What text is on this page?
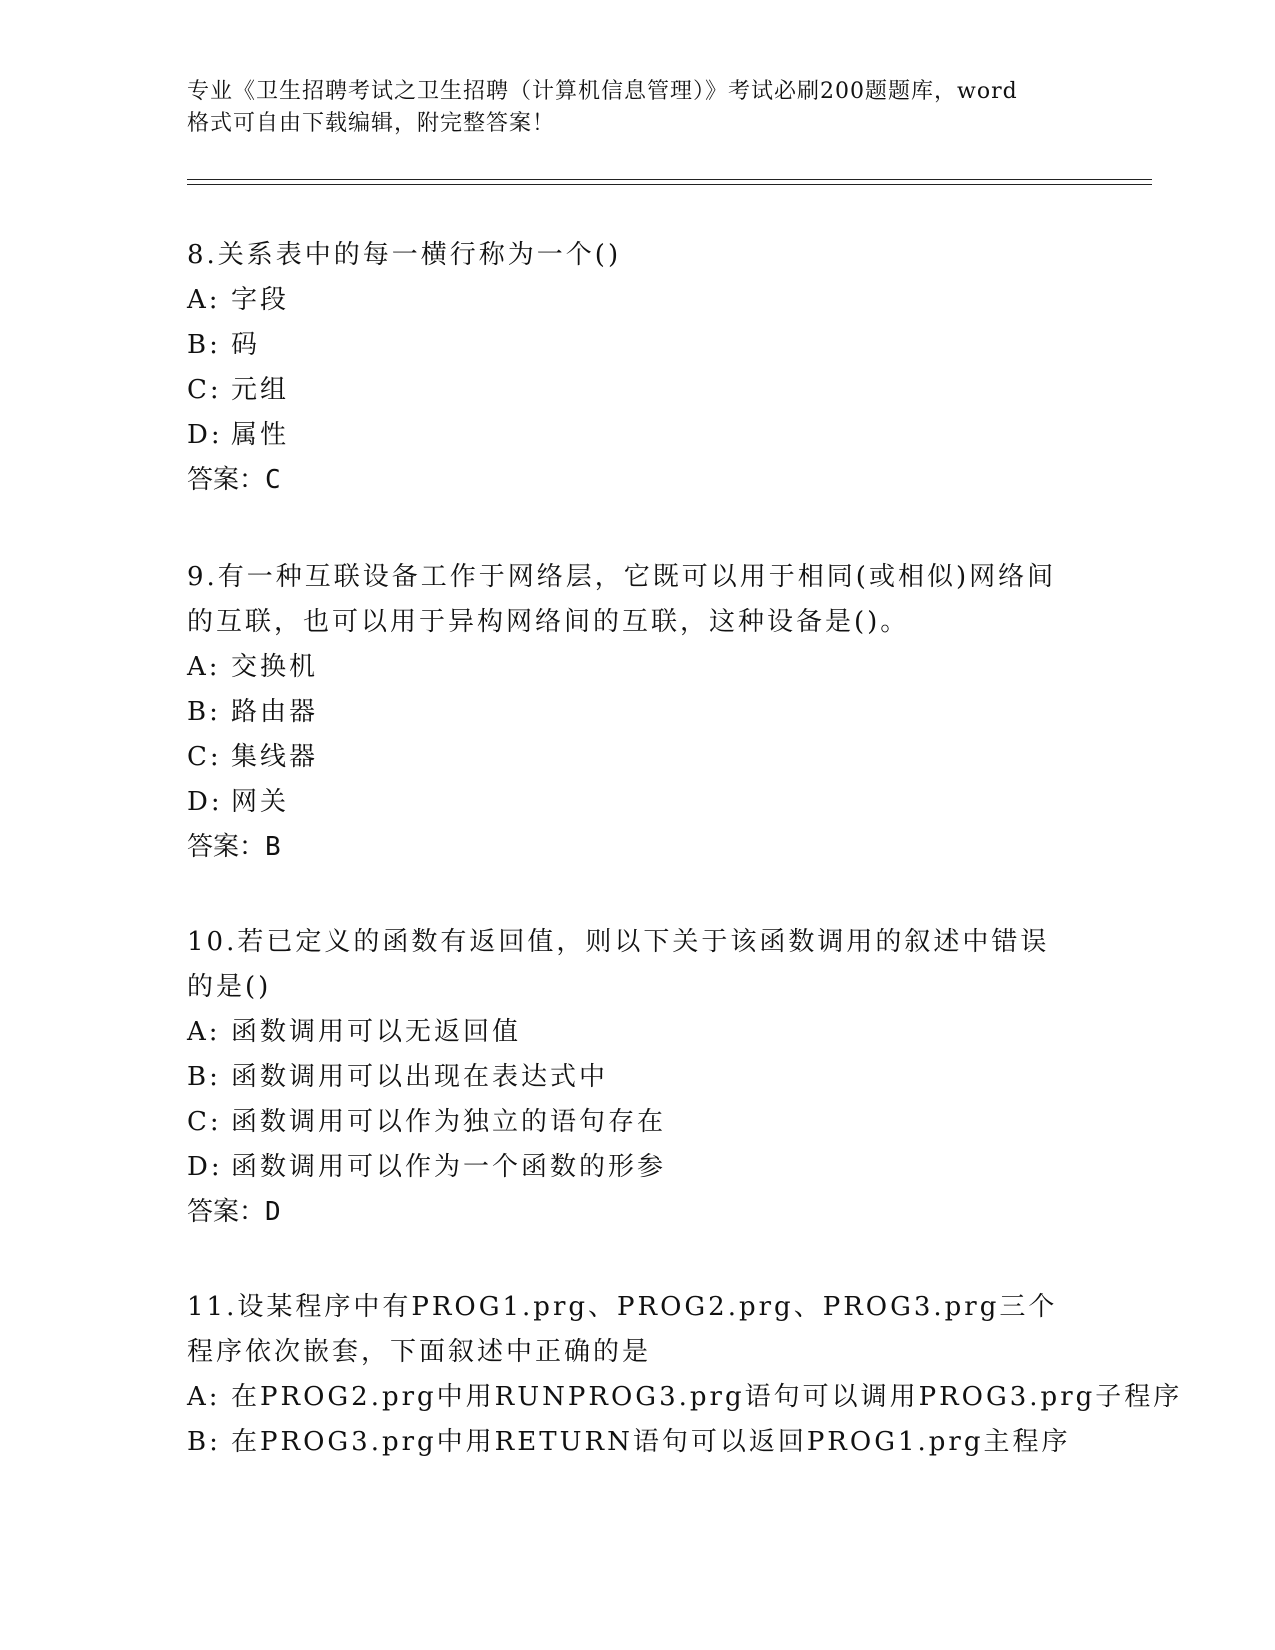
专业《卫生招聘考试之卫生招聘（计算机信息管理）》考试必刷200题题库，word
格式可自由下载编辑，附完整答案！

8.关系表中的每一横行称为一个()

A: 字段

B: 码

C: 元组

D: 属性

答案：C

9.有一种互联设备工作于网络层，它既可以用于相同(或相似)网络间的互联，也可以用于异构网络间的互联，这种设备是()。

A: 交换机

B: 路由器

C: 集线器

D: 网关

答案：B

10.若已定义的函数有返回值，则以下关于该函数调用的叙述中错误的是()

A: 函数调用可以无返回值

B: 函数调用可以出现在表达式中

C: 函数调用可以作为独立的语句存在

D: 函数调用可以作为一个函数的形参

答案：D

11.设某程序中有PROG1.prg、PROG2.prg、PROG3.prg三个程序依次嵌套，下面叙述中正确的是

A: 在PROG2.prg中用RUNPROG3.prg语句可以调用PROG3.prg子程序

B: 在PROG3.prg中用RETURN语句可以返回PROG1.prg主程序
